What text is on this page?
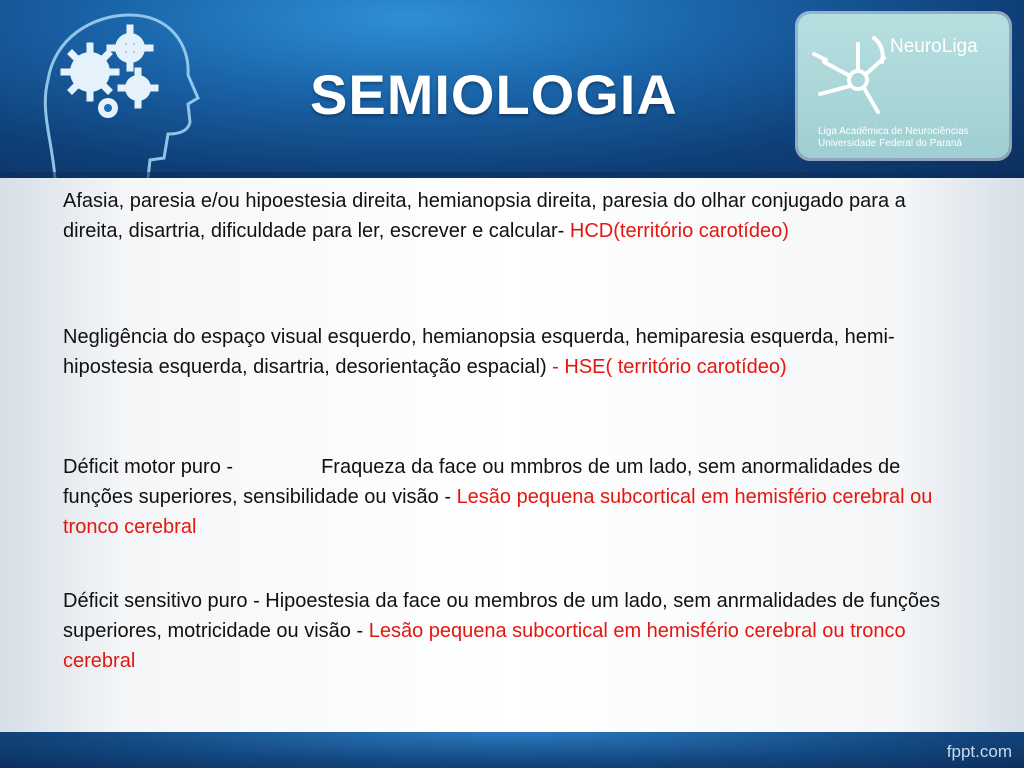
SEMIOLOGIA
NeuroLiga
Liga Acadêmica de Neurociências
Universidade Federal do Paraná
Afasia, paresia e/ou hipoestesia direita, hemianopsia direita, paresia do olhar conjugado para a direita, disartria, dificuldade para ler, escrever e calcular- HCD(território carotídeo)
Negligência do espaço visual esquerdo, hemianopsia esquerda, hemiparesia esquerda, hemi-hipostesia esquerda, disartria, desorientação espacial) - HSE( território carotídeo)
Déficit motor puro -	Fraqueza da face ou mmbros de um lado, sem anormalidades de funções superiores, sensibilidade ou visão - Lesão pequena subcortical em hemisfério cerebral ou tronco cerebral
Déficit sensitivo puro - Hipoestesia da face ou membros de um lado, sem anrmalidades de funções superiores, motricidade ou visão - Lesão pequena subcortical em hemisfério cerebral ou tronco cerebral
fppt.com
